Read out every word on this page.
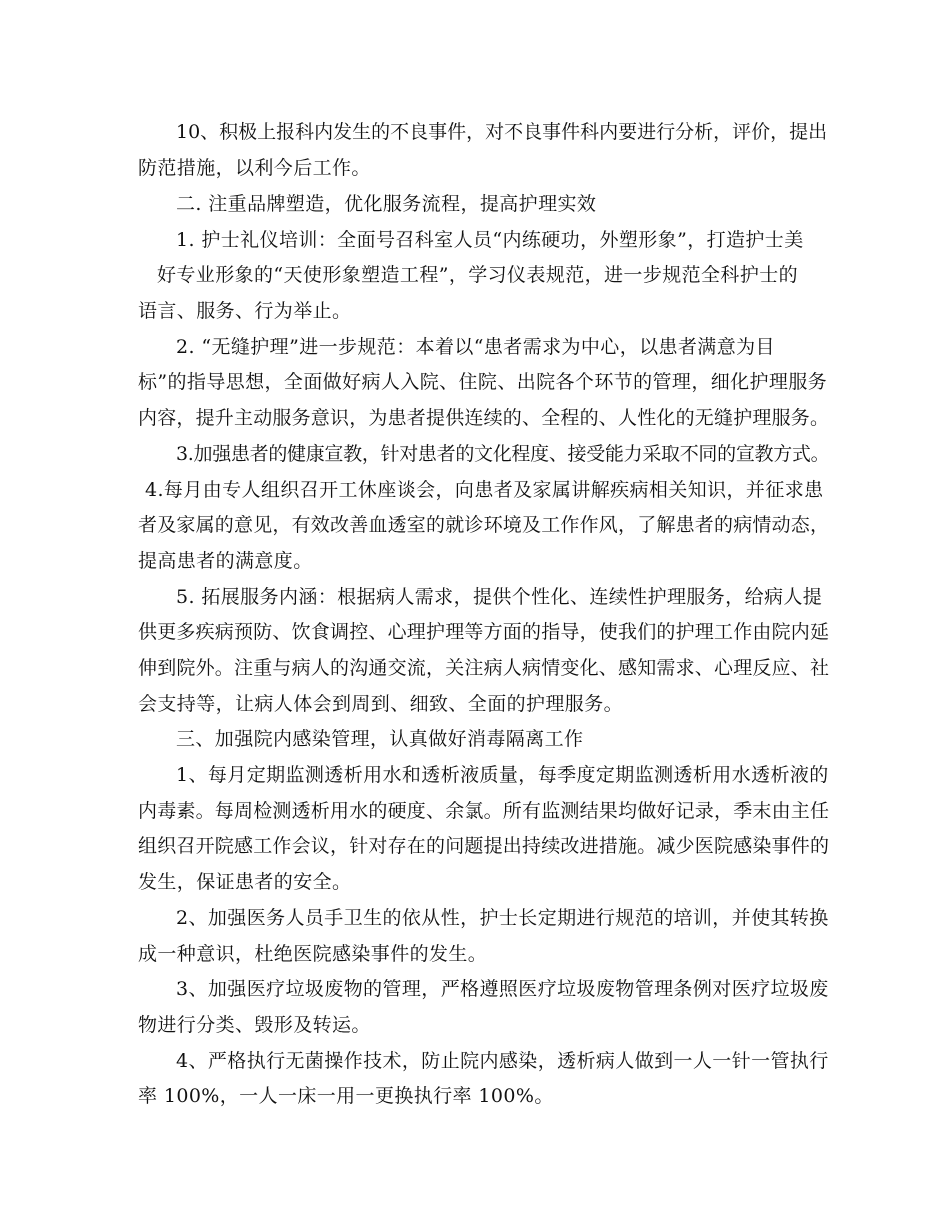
10、积极上报科内发生的不良事件，对不良事件科内要进行分析，评价，提出
防范措施，以利今后工作。
二. 注重品牌塑造，优化服务流程，提高护理实效
1. 护士礼仪培训：全面号召科室人员“内练硬功，外塑形象”，打造护士美
好专业形象的“天使形象塑造工程”，学习仪表规范，进一步规范全科护士的
语言、服务、行为举止。
2. “无缝护理”进一步规范：本着以“患者需求为中心，以患者满意为目
标”的指导思想，全面做好病人入院、住院、出院各个环节的管理，细化护理服务
内容，提升主动服务意识，为患者提供连续的、全程的、人性化的无缝护理服务。
3.加强患者的健康宣教，针对患者的文化程度、接受能力采取不同的宣教方式。
4.每月由专人组织召开工休座谈会，向患者及家属讲解疾病相关知识，并征求患
者及家属的意见，有效改善血透室的就诊环境及工作作风，了解患者的病情动态，
提高患者的满意度。
5. 拓展服务内涵：根据病人需求，提供个性化、连续性护理服务，给病人提
供更多疾病预防、饮食调控、心理护理等方面的指导，使我们的护理工作由院内延
伸到院外。注重与病人的沟通交流，关注病人病情变化、感知需求、心理反应、社
会支持等，让病人体会到周到、细致、全面的护理服务。
三、加强院内感染管理，认真做好消毒隔离工作
1、每月定期监测透析用水和透析液质量，每季度定期监测透析用水透析液的
内毒素。每周检测透析用水的硬度、余氯。所有监测结果均做好记录，季末由主任
组织召开院感工作会议，针对存在的问题提出持续改进措施。减少医院感染事件的
发生，保证患者的安全。
2、加强医务人员手卫生的依从性，护士长定期进行规范的培训，并使其转换
成一种意识，杜绝医院感染事件的发生。
3、加强医疗垃圾废物的管理，严格遵照医疗垃圾废物管理条例对医疗垃圾废
物进行分类、毁形及转运。
4、严格执行无菌操作技术，防止院内感染，透析病人做到一人一针一管执行
率 100%，一人一床一用一更换执行率 100%。
